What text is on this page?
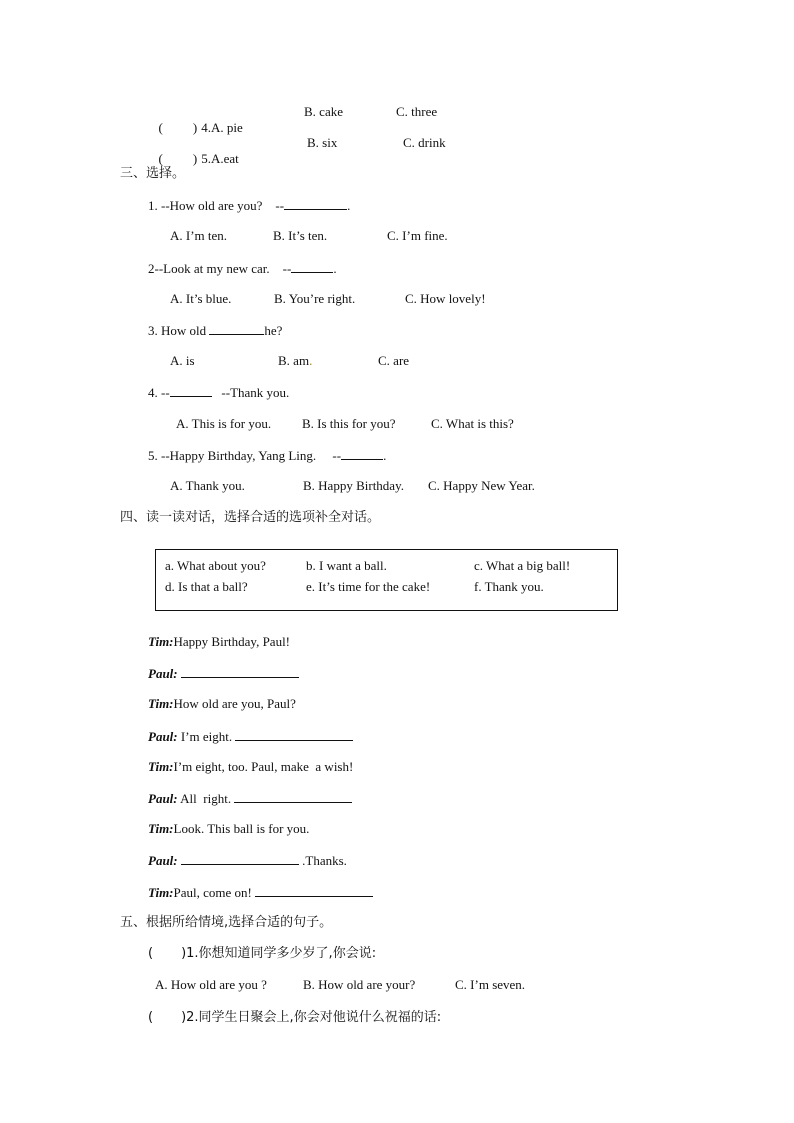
( ) 4.A. pie

B. cake	C. three

( ) 5.A.eat

B. six	C. drink
三、选择。
1. --How old are you?    --	.
A. I’m ten.	B. It’s ten.	C. I’m fine.
2--Look at my new car.    --	.
A. It’s blue.	B. You’re right.	C. How lovely!
3. How old	he?
A. is	B. am.	C. are
4. --	--Thank you.
A. This is for you. B. Is this for you?	C. What is this?
5. --Happy Birthday, Yang Ling.     --	.
A. Thank you.	B. Happy Birthday. C. Happy New Year.
四、读一读对话，选择合适的选项补全对话。
a. What about you?	b. I want a ball.	c. What a big ball!
d. Is that a ball?	e. It’s time for the cake!	f. Thank you.
Tim:Happy Birthday, Paul!
Paul:
Tim:How old are you, Paul?
Paul: I’m eight.
Tim:I’m eight, too. Paul, make  a wish!
Paul: All  right.
Tim:Look. This ball is for you.
Paul:	.Thanks.
Tim:Paul, come on!
五、根据所给情境,选择合适的句子。
( )1.你想知道同学多少岁了,你会说:
A. How old are you ?	B. How old are your?	C. I’m seven.
( )2.同学生日聚会上,你会对他说什么祝福的话:
